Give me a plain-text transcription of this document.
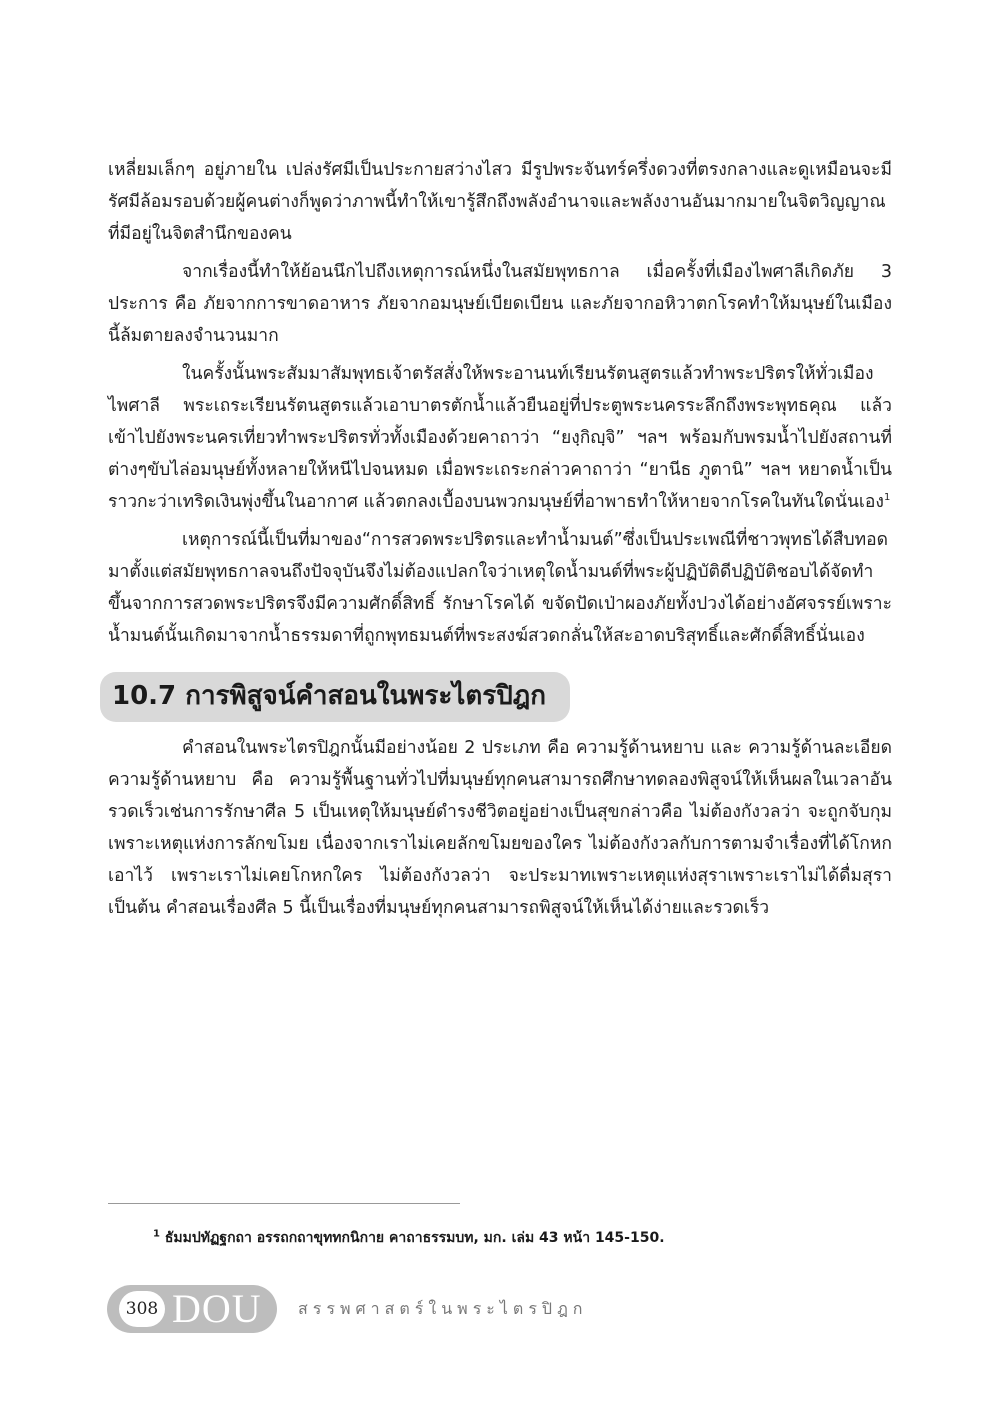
เหลี่ยมเล็กๆ อยู่ภายใน เปล่งรัศมีเป็นประกายสว่างไสว มีรูปพระจันทร์ครึ่งดวงที่ตรงกลางและดูเหมือนจะมีรัศมีล้อมรอบด้วยผู้คนต่างก็พูดว่าภาพนี้ทำให้เขารู้สึกถึงพลังอำนาจและพลังงานอันมากมายในจิตวิญญาณที่มีอยู่ในจิตสำนึกของคน

จากเรื่องนี้ทำให้ย้อนนึกไปถึงเหตุการณ์หนึ่งในสมัยพุทธกาล เมื่อครั้งที่เมืองไพศาลีเกิดภัย 3 ประการ คือ ภัยจากการขาดอาหาร ภัยจากอมนุษย์เบียดเบียน และภัยจากอหิวาตกโรคทำให้มนุษย์ในเมืองนี้ล้มตายลงจำนวนมาก

ในครั้งนั้นพระสัมมาสัมพุทธเจ้าตรัสสั่งให้พระอานนท์เรียนรัตนสูตรแล้วทำพระปริตรให้ทั่วเมืองไพศาลี พระเถระเรียนรัตนสูตรแล้วเอาบาตรตักน้ำแล้วยืนอยู่ที่ประตูพระนครระลึกถึงพระพุทธคุณ แล้วเข้าไปยังพระนครเที่ยวทำพระปริตรทั่วทั้งเมืองด้วยคาถาว่า “ยงฺกิญฺจิ” ฯลฯ พร้อมกับพรมน้ำไปยังสถานที่ต่างๆขับไล่อมนุษย์ทั้งหลายให้หนีไปจนหมด เมื่อพระเถระกล่าวคาถาว่า “ยานีธ ภูตานิ” ฯลฯ หยาดน้ำเป็นราวกะว่าเทริดเงินพุ่งขึ้นในอากาศ แล้วตกลงเบื้องบนพวกมนุษย์ที่อาพาธทำให้หายจากโรคในทันใดนั่นเอง$^1$

เหตุการณ์นี้เป็นที่มาของ“การสวดพระปริตรและทำน้ำมนต์”ซึ่งเป็นประเพณีที่ชาวพุทธได้สืบทอดมาตั้งแต่สมัยพุทธกาลจนถึงปัจจุบันจึงไม่ต้องแปลกใจว่าเหตุใดน้ำมนต์ที่พระผู้ปฏิบัติดีปฏิบัติชอบได้จัดทำขึ้นจากการสวดพระปริตรจึงมีความศักดิ์สิทธิ์ รักษาโรคได้ ขจัดปัดเป่าผองภัยทั้งปวงได้อย่างอัศจรรย์เพราะน้ำมนต์นั้นเกิดมาจากน้ำธรรมดาที่ถูกพุทธมนต์ที่พระสงฆ์สวดกลั่นให้สะอาดบริสุทธิ์และศักดิ์สิทธิ์นั่นเอง

10.7 การพิสูจน์คำสอนในพระไตรปิฎก

คำสอนในพระไตรปิฎกนั้นมีอย่างน้อย 2 ประเภท คือ ความรู้ด้านหยาบ และ ความรู้ด้านละเอียด ความรู้ด้านหยาบ คือ ความรู้พื้นฐานทั่วไปที่มนุษย์ทุกคนสามารถศึกษาทดลองพิสูจน์ให้เห็นผลในเวลาอันรวดเร็วเช่นการรักษาศีล 5 เป็นเหตุให้มนุษย์ดำรงชีวิตอยู่อย่างเป็นสุขกล่าวคือ ไม่ต้องกังวลว่า จะถูกจับกุมเพราะเหตุแห่งการลักขโมย เนื่องจากเราไม่เคยลักขโมยของใคร ไม่ต้องกังวลกับการตามจำเรื่องที่ได้โกหกเอาไว้ เพราะเราไม่เคยโกหกใคร ไม่ต้องกังวลว่า จะประมาทเพราะเหตุแห่งสุราเพราะเราไม่ได้ดื่มสุรา เป็นต้น คำสอนเรื่องศีล 5 นี้เป็นเรื่องที่มนุษย์ทุกคนสามารถพิสูจน์ให้เห็นได้ง่ายและรวดเร็ว

$^1$ ธัมมปทัฏฐกถา อรรถกถาขุททกนิกาย คาถาธรรมบท, มก. เล่ม 43 หน้า 145-150.
308 DOU สรรพศาสตร์ในพระไตรปิฎก
